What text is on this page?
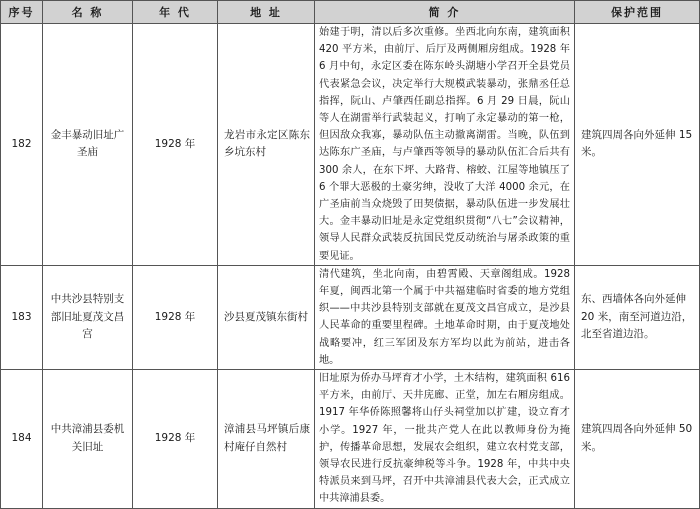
序号	名 称	年 代	地 址	简 介	保护范围
182	金丰暴动旧址广圣庙	1928 年	龙岩市永定区陈东乡坑东村	始建于明，清以后多次重修。坐西北向东南，建筑面积 420 平方米，由前厅、后厅及两侧厢房组成。1928 年 6 月中旬，永定区委在陈东岭头湖塘小学召开全县党员代表紧急会议，决定举行大规模武装暴动，张鼎丞任总指挥，阮山、卢肇西任副总指挥。6 月 29 日晨，阮山等人在湖雷举行武装起义，打响了永定暴动的第一枪，但因敌众我寡，暴动队伍主动撤离湖雷。当晚，队伍到达陈东广圣庙，与卢肇西等领导的暴动队伍汇合后共有 300 余人，在东下坪、大路背、榕蛟、江屋等地镇压了 6 个罪大恶极的土豪劣绅，没收了大洋 4000 余元，在广圣庙前当众烧毁了田契债据，暴动队伍进一步发展壮大。金丰暴动旧址是永定党组织贯彻“八七”会议精神，领导人民群众武装反抗国民党反动统治与屠杀政策的重要见证。	建筑四周各向外延伸 15 米。
183	中共沙县特别支部旧址夏茂文昌宫	1928 年	沙县夏茂镇东街村	清代建筑，坐北向南，由碧霄殿、天章阁组成。1928 年夏，闽西北第一个属于中共福建临时省委的地方党组织——中共沙县特别支部就在夏茂文昌宫成立，是沙县人民革命的重要里程碑。土地革命时期，由于夏茂地处战略要冲，红三军团及东方军均以此为前站，进击各地。	东、西墙体各向外延伸 20 米，南至河道边沿，北至省道边沿。
184	中共漳浦县委机关旧址	1928 年	漳浦县马坪镇后康村庵仔自然村	旧址原为侨办马坪育才小学，土木结构，建筑面积 616 平方米，由前厅、天井庑廊、正堂，加左右厢房组成。1917 年华侨陈照馨将山仔头祠堂加以扩建，设立育才小学。1927 年，一批共产党人在此以教师身份为掩护，传播革命思想，发展农会组织，建立农村党支部，领导农民进行反抗豪绅税等斗争。1928 年，中共中央特派员来到马坪，召开中共漳浦县代表大会，正式成立中共漳浦县委。	建筑四周各向外延伸 50 米。
